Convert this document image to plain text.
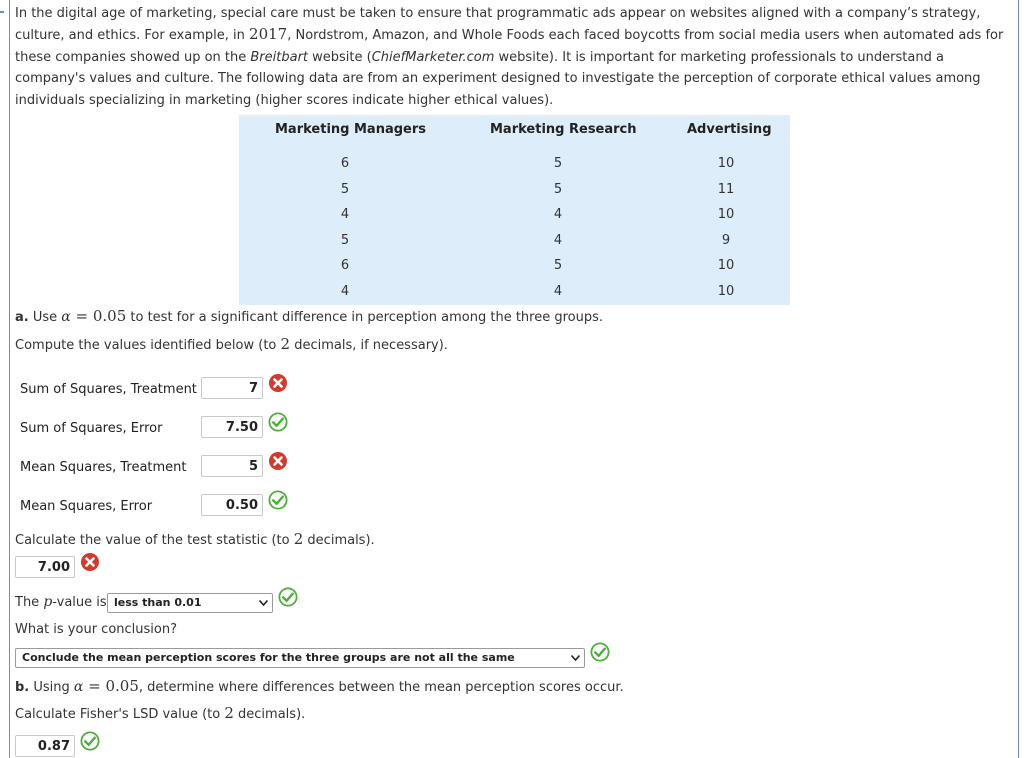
In the digital age of marketing, special care must be taken to ensure that programmatic ads appear on websites aligned with a company’s strategy, culture, and ethics. For example, in 2017, Nordstrom, Amazon, and Whole Foods each faced boycotts from social media users when automated ads for these companies showed up on the Breitbart website (ChiefMarketer.com website). It is important for marketing professionals to understand a company's values and culture. The following data are from an experiment designed to investigate the perception of corporate ethical values among individuals specializing in marketing (higher scores indicate higher ethical values).
Marketing Managers	Marketing Research	Advertising
6	5	10
5	5	11
4	4	10
5	4	9
6	5	10
4	4	10
a. Use α = 0.05 to test for a significant difference in perception among the three groups.
Compute the values identified below (to 2 decimals, if necessary).
Sum of Squares, Treatment	7
Sum of Squares, Error	7.50
Mean Squares, Treatment	5
Mean Squares, Error	0.50
Calculate the value of the test statistic (to 2 decimals).
7.00
The p-value is less than 0.01
What is your conclusion?
Conclude the mean perception scores for the three groups are not all the same
b. Using α = 0.05, determine where differences between the mean perception scores occur.
Calculate Fisher's LSD value (to 2 decimals).
0.87
